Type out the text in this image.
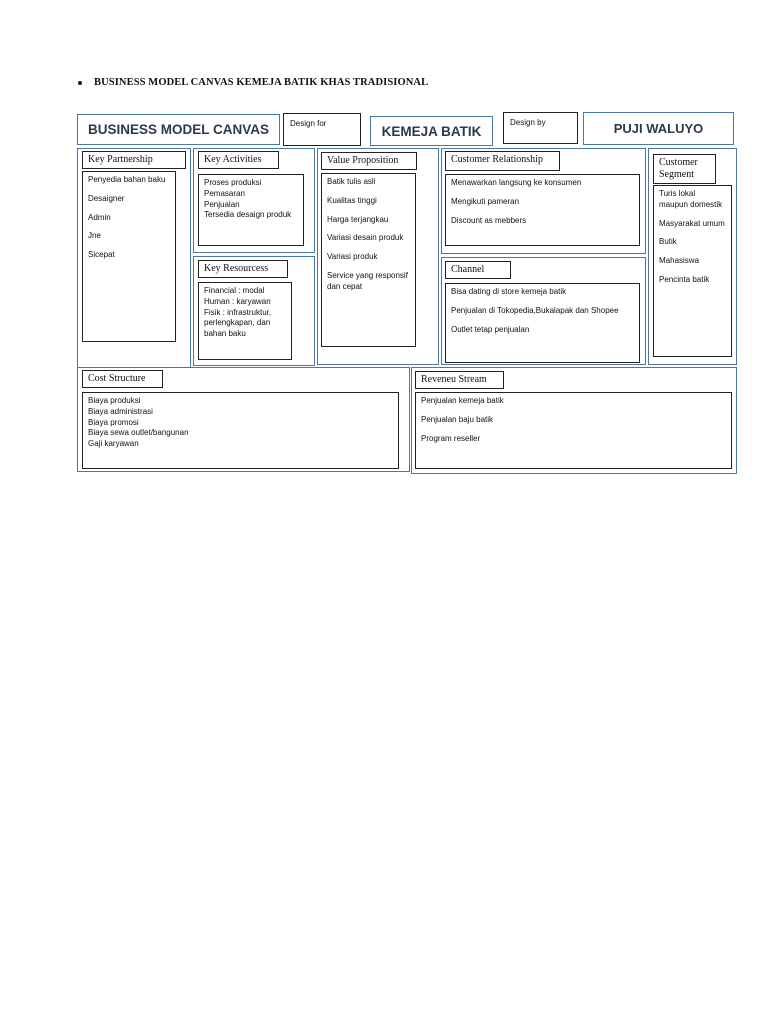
BUSINESS MODEL CANVAS KEMEJA BATIK KHAS TRADISIONAL
BUSINESS MODEL CANVAS	Design for	KEMEJA BATIK
Design by	PUJI WALUYO
Key Partnership

Penyedia bahan baku

Desaigner

Admin

Jne

Sicepat

Key Activities

Proses produksi

Pemasaran

Penjualan

Tersedia desaign produk

Key Resourcess

Financial : modal

Human : karyawan

Fisik : infrastruktur, perlengkapan, dan bahan baku

Value Proposition

Batik tulis asli

Kualitas tinggi

Harga terjangkau

Variasi desain produk

Variasi produk

Service yang responsif dan cepat

Customer Relationship

Menawarkan langsung ke konsumen

Mengikuti pameran

Discount as mebbers

Channel

Bisa dating di store kemeja batik

Penjualan di Tokopedia,Bukalapak dan Shopee

Outlet tetap penjualan

Customer Segment

Turis lokal maupun domestik

Masyarakat umum

Butik

Mahasiswa

Pencinta batik

Cost Structure

Biaya produksi

Biaya administrasi

Biaya promosi

Biaya sewa outlet/bangunan

Gaji karyawan

Reveneu Stream

Penjualan kemeja batik

Penjualan baju batik

Program reseller
